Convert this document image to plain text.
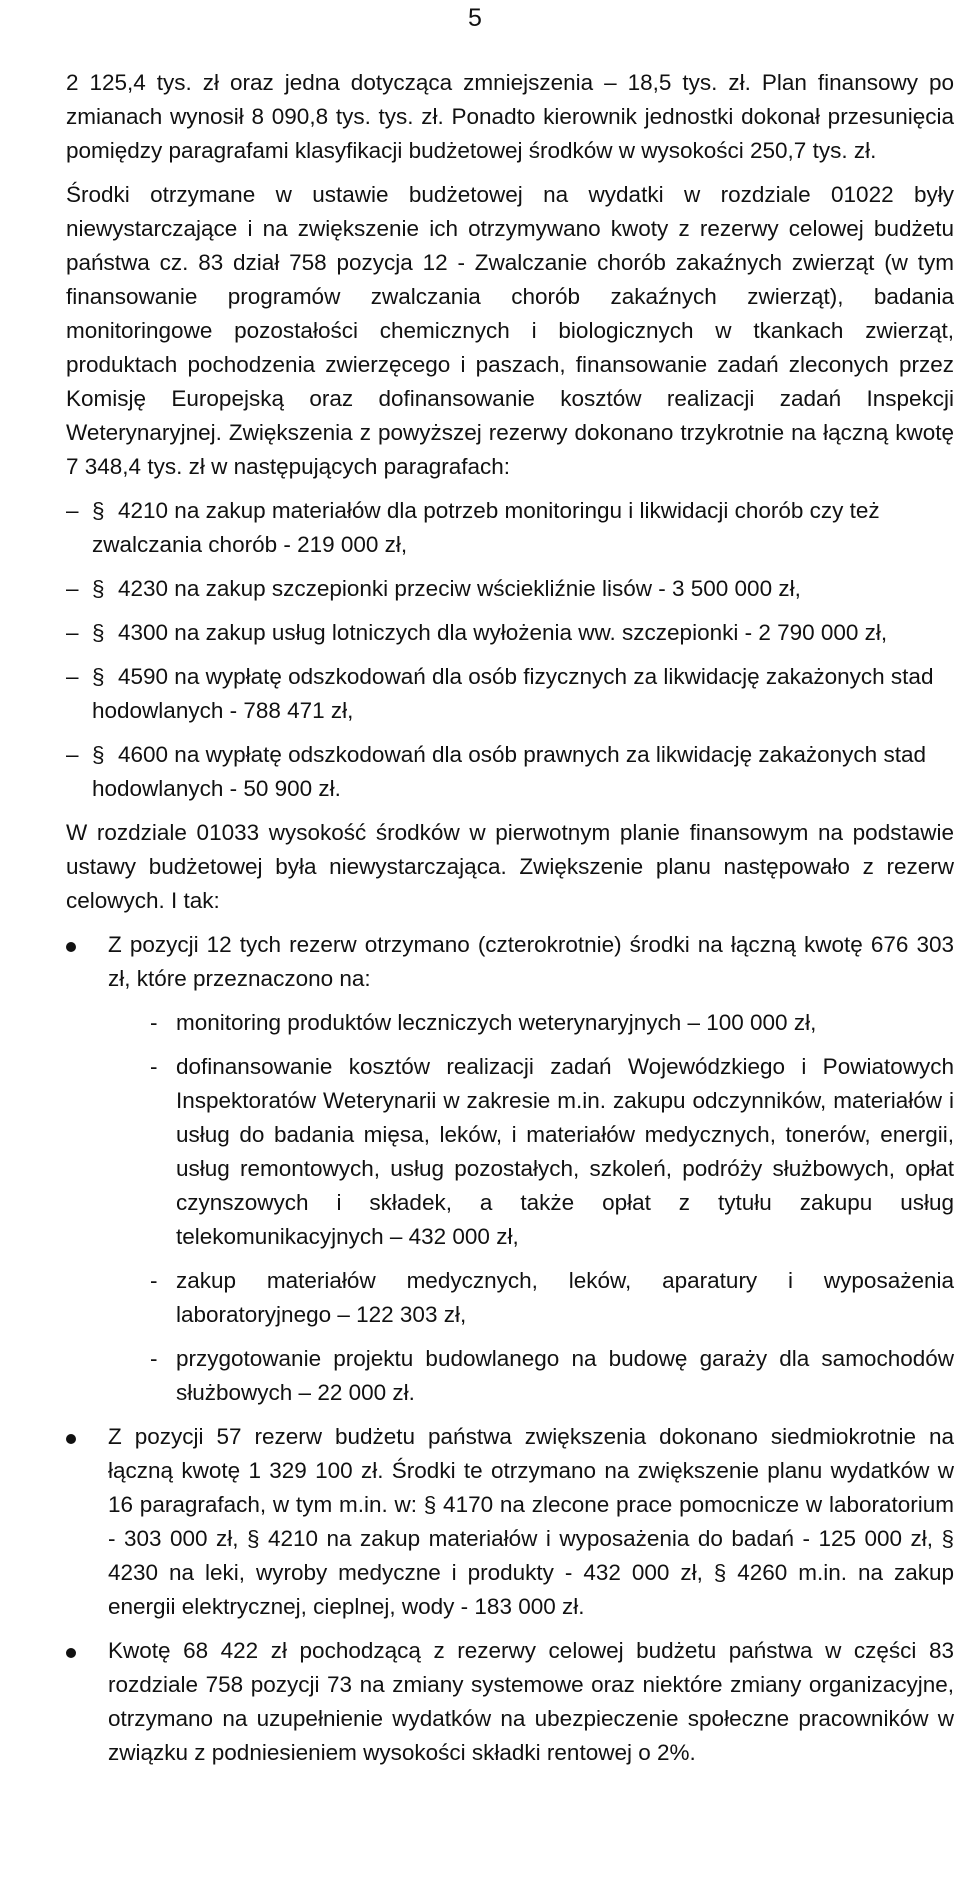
5

2 125,4 tys. zł oraz jedna dotycząca zmniejszenia – 18,5 tys. zł. Plan finansowy po zmianach wynosił 8 090,8 tys. tys. zł. Ponadto kierownik jednostki dokonał przesunięcia pomiędzy paragrafami klasyfikacji budżetowej środków w wysokości 250,7 tys. zł.

Środki otrzymane w ustawie budżetowej na wydatki w rozdziale 01022 były niewystarczające i na zwiększenie ich otrzymywano kwoty z rezerwy celowej budżetu państwa cz. 83 dział 758 pozycja 12 - Zwalczanie chorób zakaźnych zwierząt (w tym finansowanie programów zwalczania chorób zakaźnych zwierząt), badania monitoringowe pozostałości chemicznych i biologicznych w tkankach zwierząt, produktach pochodzenia zwierzęcego i paszach, finansowanie zadań zleconych przez Komisję Europejską oraz dofinansowanie kosztów realizacji zadań Inspekcji Weterynaryjnej. Zwiększenia z powyższej rezerwy dokonano trzykrotnie na łączną kwotę 7 348,4 tys. zł w następujących paragrafach:

– § 4210 na zakup materiałów dla potrzeb monitoringu i likwidacji chorób czy też zwalczania chorób - 219 000 zł,
– § 4230 na zakup szczepionki przeciw wściekliźnie lisów - 3 500 000 zł,
– § 4300 na zakup usług lotniczych dla wyłożenia ww. szczepionki - 2 790 000 zł,
– § 4590 na wypłatę odszkodowań dla osób fizycznych za likwidację zakażonych stad hodowlanych - 788 471 zł,
– § 4600 na wypłatę odszkodowań dla osób prawnych za likwidację zakażonych stad hodowlanych - 50 900 zł.

W rozdziale 01033 wysokość środków w pierwotnym planie finansowym na podstawie ustawy budżetowej była niewystarczająca. Zwiększenie planu następowało z rezerw celowych. I tak:

Z pozycji 12 tych rezerw otrzymano (czterokrotnie) środki na łączną kwotę 676 303 zł, które przeznaczono na:
- monitoring produktów leczniczych weterynaryjnych – 100 000 zł,
- dofinansowanie kosztów realizacji zadań Wojewódzkiego i Powiatowych Inspektoratów Weterynarii w zakresie m.in. zakupu odczynników, materiałów i usług do badania mięsa, leków, i materiałów medycznych, tonerów, energii, usług remontowych, usług pozostałych, szkoleń, podróży służbowych, opłat czynszowych i składek, a także opłat z tytułu zakupu usług telekomunikacyjnych – 432 000 zł,
- zakup materiałów medycznych, leków, aparatury i wyposażenia laboratoryjnego – 122 303 zł,
- przygotowanie projektu budowlanego na budowę garaży dla samochodów służbowych – 22 000 zł.
Z pozycji 57 rezerw budżetu państwa zwiększenia dokonano siedmiokrotnie na łączną kwotę 1 329 100 zł. Środki te otrzymano na zwiększenie planu wydatków w 16 paragrafach, w tym m.in. w: § 4170 na zlecone prace pomocnicze w laboratorium - 303 000 zł, § 4210 na zakup materiałów i wyposażenia do badań - 125 000 zł, § 4230 na leki, wyroby medyczne i produkty - 432 000 zł, § 4260 m.in. na zakup energii elektrycznej, cieplnej, wody - 183 000 zł.
Kwotę 68 422 zł pochodzącą z rezerwy celowej budżetu państwa w części 83 rozdziale 758 pozycji 73 na zmiany systemowe oraz niektóre zmiany organizacyjne, otrzymano na uzupełnienie wydatków na ubezpieczenie społeczne pracowników w związku z podniesieniem wysokości składki rentowej o 2%.
